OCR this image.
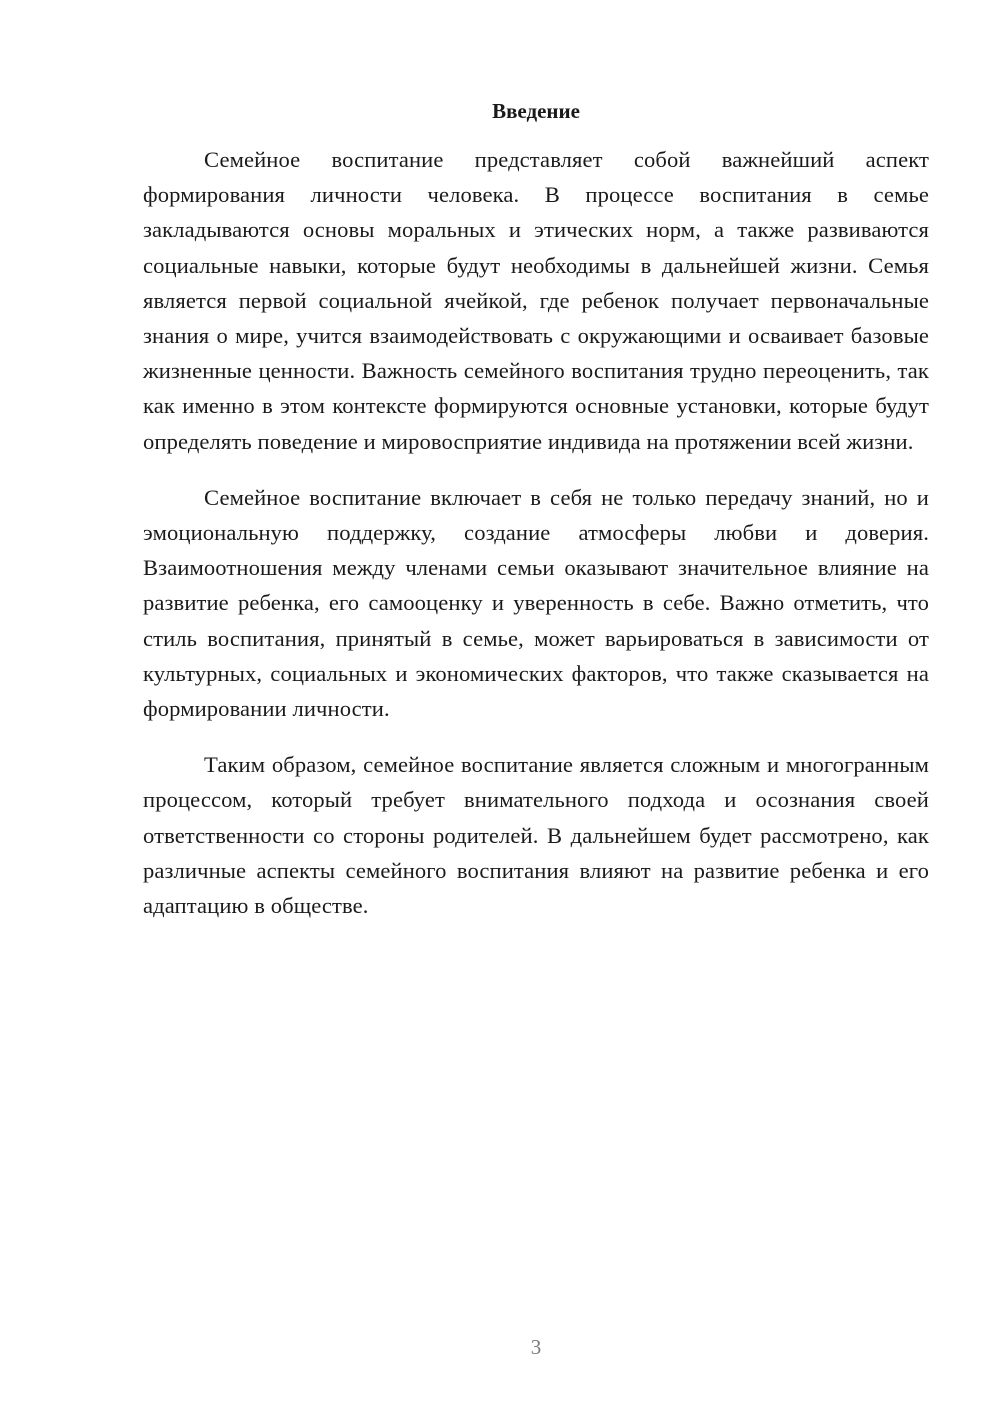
Введение

Семейное воспитание представляет собой важнейший аспект формирования личности человека. В процессе воспитания в семье закладываются основы моральных и этических норм, а также развиваются социальные навыки, которые будут необходимы в дальнейшей жизни. Семья является первой социальной ячейкой, где ребенок получает первоначальные знания о мире, учится взаимодействовать с окружающими и осваивает базовые жизненные ценности. Важность семейного воспитания трудно переоценить, так как именно в этом контексте формируются основные установки, которые будут определять поведение и мировосприятие индивида на протяжении всей жизни.

Семейное воспитание включает в себя не только передачу знаний, но и эмоциональную поддержку, создание атмосферы любви и доверия. Взаимоотношения между членами семьи оказывают значительное влияние на развитие ребенка, его самооценку и уверенность в себе. Важно отметить, что стиль воспитания, принятый в семье, может варьироваться в зависимости от культурных, социальных и экономических факторов, что также сказывается на формировании личности.

Таким образом, семейное воспитание является сложным и многогранным процессом, который требует внимательного подхода и осознания своей ответственности со стороны родителей. В дальнейшем будет рассмотрено, как различные аспекты семейного воспитания влияют на развитие ребенка и его адаптацию в обществе.

3
